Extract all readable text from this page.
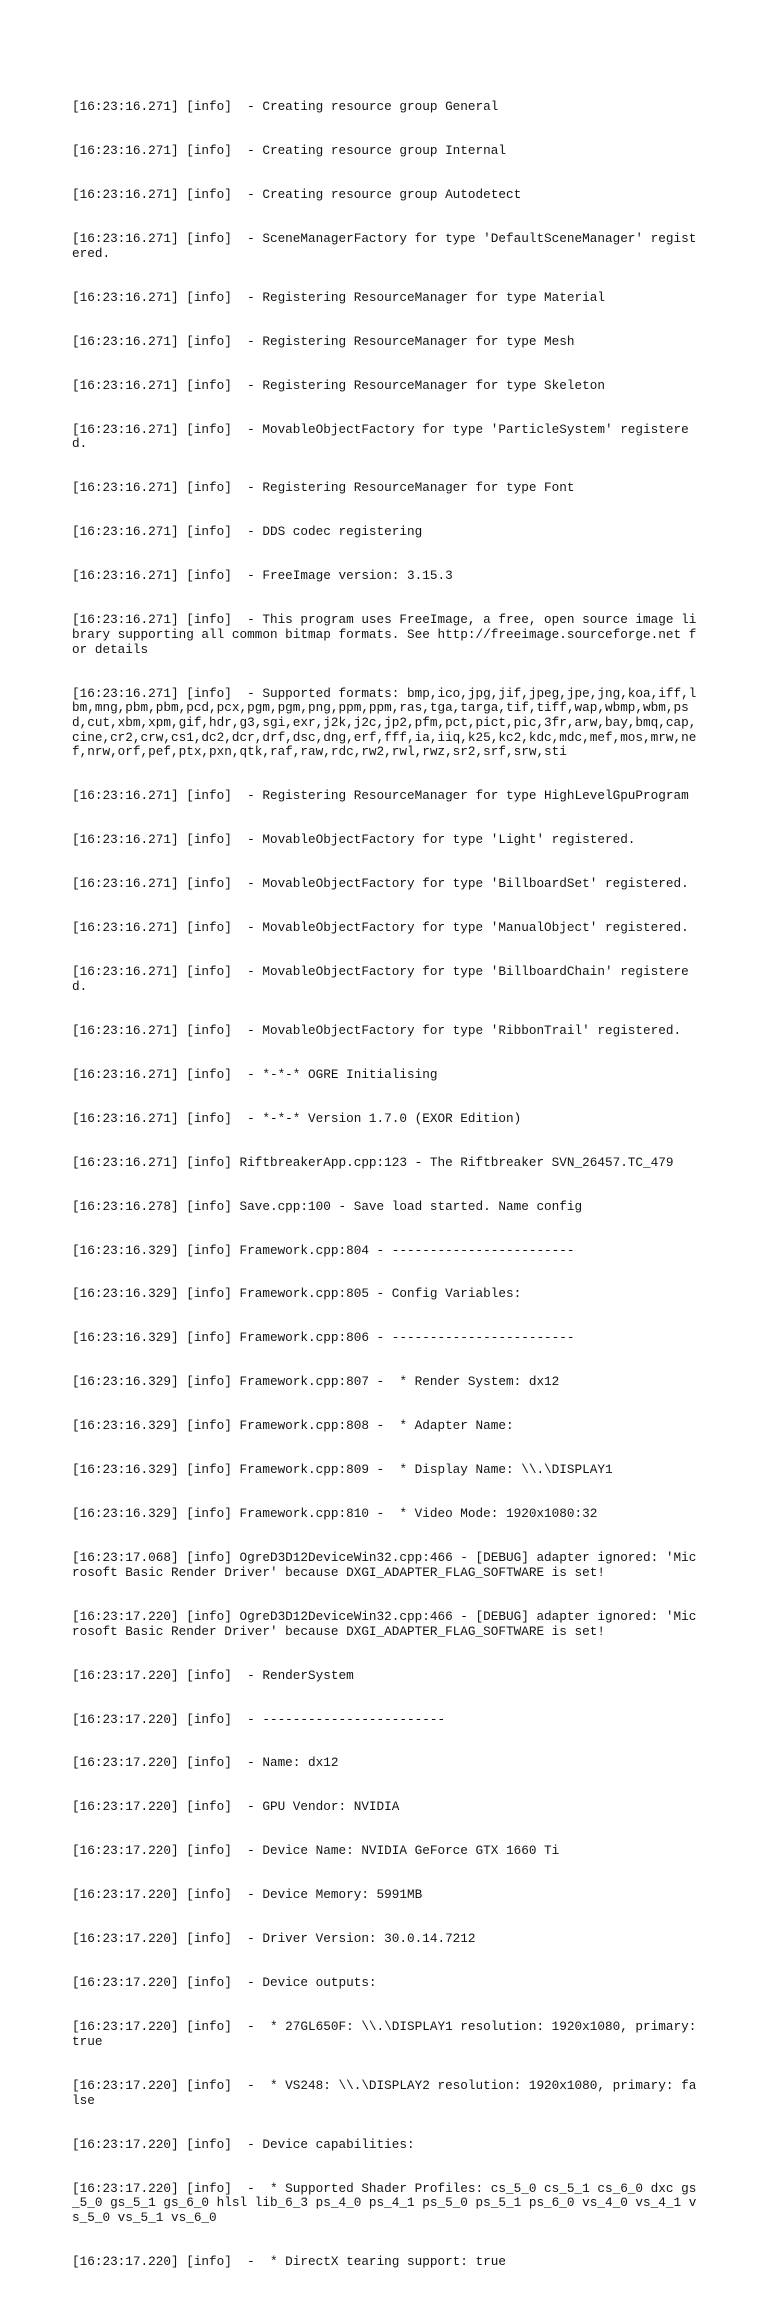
[16:23:16.271] [info]  - Creating resource group General

[16:23:16.271] [info]  - Creating resource group Internal

[16:23:16.271] [info]  - Creating resource group Autodetect

[16:23:16.271] [info]  - SceneManagerFactory for type 'DefaultSceneManager' registered.

[16:23:16.271] [info]  - Registering ResourceManager for type Material

[16:23:16.271] [info]  - Registering ResourceManager for type Mesh

[16:23:16.271] [info]  - Registering ResourceManager for type Skeleton

[16:23:16.271] [info]  - MovableObjectFactory for type 'ParticleSystem' registered.

[16:23:16.271] [info]  - Registering ResourceManager for type Font

[16:23:16.271] [info]  - DDS codec registering

[16:23:16.271] [info]  - FreeImage version: 3.15.3

[16:23:16.271] [info]  - This program uses FreeImage, a free, open source image library supporting all common bitmap formats. See http://freeimage.sourceforge.net for details

[16:23:16.271] [info]  - Supported formats: bmp,ico,jpg,jif,jpeg,jpe,jng,koa,iff,lbm,mng,pbm,pbm,pcd,pcx,pgm,pgm,png,ppm,ppm,ras,tga,targa,tif,tiff,wap,wbmp,wbm,psd,cut,xbm,xpm,gif,hdr,g3,sgi,exr,j2k,j2c,jp2,pfm,pct,pict,pic,3fr,arw,bay,bmq,cap,cine,cr2,crw,cs1,dc2,dcr,drf,dsc,dng,erf,fff,ia,iiq,k25,kc2,kdc,mdc,mef,mos,mrw,nef,nrw,orf,pef,ptx,pxn,qtk,raf,raw,rdc,rw2,rwl,rwz,sr2,srf,srw,sti

[16:23:16.271] [info]  - Registering ResourceManager for type HighLevelGpuProgram

[16:23:16.271] [info]  - MovableObjectFactory for type 'Light' registered.

[16:23:16.271] [info]  - MovableObjectFactory for type 'BillboardSet' registered.

[16:23:16.271] [info]  - MovableObjectFactory for type 'ManualObject' registered.

[16:23:16.271] [info]  - MovableObjectFactory for type 'BillboardChain' registered.

[16:23:16.271] [info]  - MovableObjectFactory for type 'RibbonTrail' registered.

[16:23:16.271] [info]  - *-*-* OGRE Initialising

[16:23:16.271] [info]  - *-*-* Version 1.7.0 (EXOR Edition)

[16:23:16.271] [info] RiftbreakerApp.cpp:123 - The Riftbreaker SVN_26457.TC_479

[16:23:16.278] [info] Save.cpp:100 - Save load started. Name config

[16:23:16.329] [info] Framework.cpp:804 - ------------------------

[16:23:16.329] [info] Framework.cpp:805 - Config Variables:

[16:23:16.329] [info] Framework.cpp:806 - ------------------------

[16:23:16.329] [info] Framework.cpp:807 -  * Render System: dx12

[16:23:16.329] [info] Framework.cpp:808 -  * Adapter Name:

[16:23:16.329] [info] Framework.cpp:809 -  * Display Name: \\.\DISPLAY1

[16:23:16.329] [info] Framework.cpp:810 -  * Video Mode: 1920x1080:32

[16:23:17.068] [info] OgreD3D12DeviceWin32.cpp:466 - [DEBUG] adapter ignored: 'Microsoft Basic Render Driver' because DXGI_ADAPTER_FLAG_SOFTWARE is set!

[16:23:17.220] [info] OgreD3D12DeviceWin32.cpp:466 - [DEBUG] adapter ignored: 'Microsoft Basic Render Driver' because DXGI_ADAPTER_FLAG_SOFTWARE is set!

[16:23:17.220] [info]  - RenderSystem

[16:23:17.220] [info]  - ------------------------

[16:23:17.220] [info]  - Name: dx12

[16:23:17.220] [info]  - GPU Vendor: NVIDIA

[16:23:17.220] [info]  - Device Name: NVIDIA GeForce GTX 1660 Ti

[16:23:17.220] [info]  - Device Memory: 5991MB

[16:23:17.220] [info]  - Driver Version: 30.0.14.7212

[16:23:17.220] [info]  - Device outputs:

[16:23:17.220] [info]  -  * 27GL650F: \\.\DISPLAY1 resolution: 1920x1080, primary: true

[16:23:17.220] [info]  -  * VS248: \\.\DISPLAY2 resolution: 1920x1080, primary: false

[16:23:17.220] [info]  - Device capabilities:

[16:23:17.220] [info]  -  * Supported Shader Profiles: cs_5_0 cs_5_1 cs_6_0 dxc gs_5_0 gs_5_1 gs_6_0 hlsl lib_6_3 ps_4_0 ps_4_1 ps_5_0 ps_5_1 ps_6_0 vs_4_0 vs_4_1 vs_5_0 vs_5_1 vs_6_0

[16:23:17.220] [info]  -  * DirectX tearing support: true
